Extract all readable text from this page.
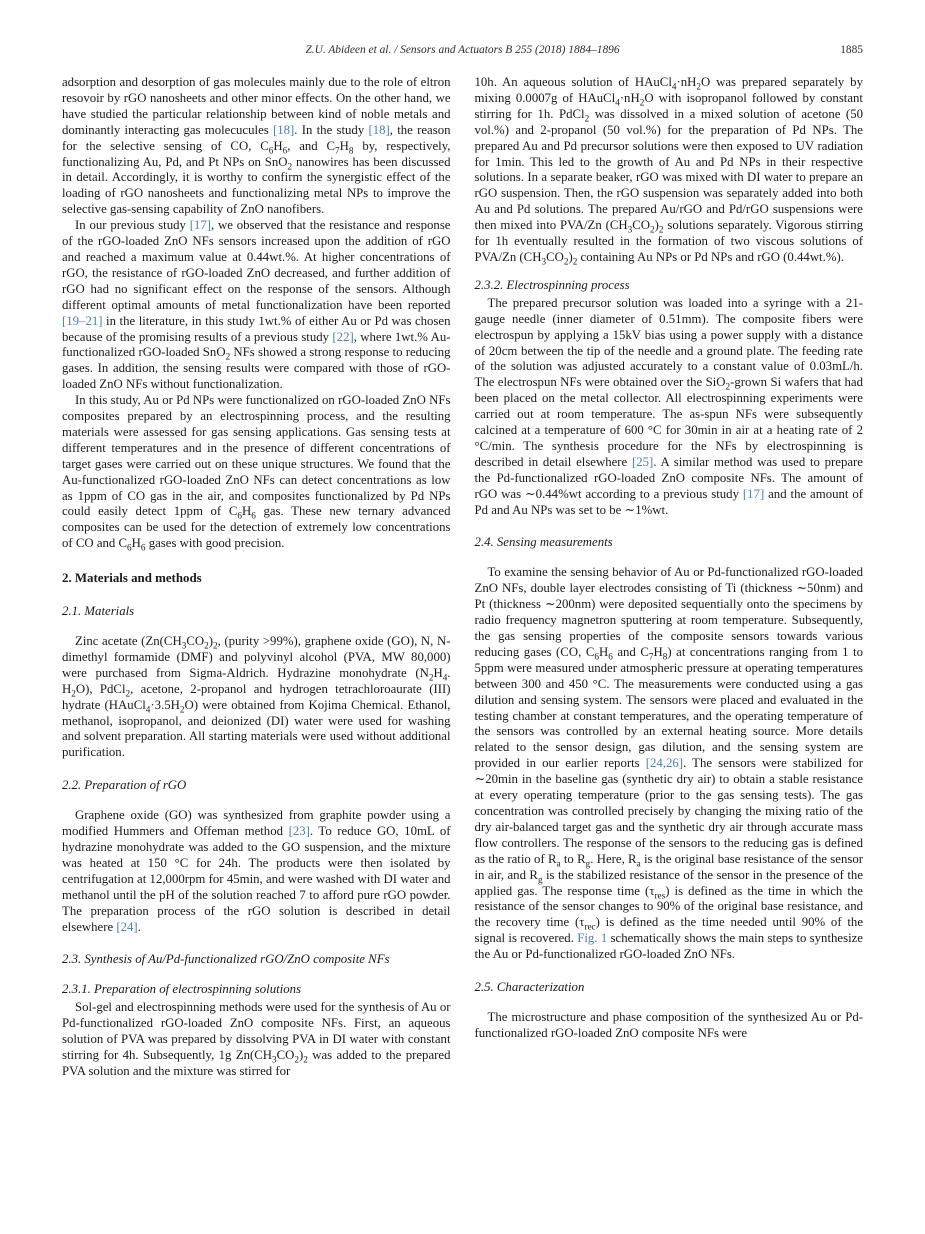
Z.U. Abideen et al. / Sensors and Actuators B 255 (2018) 1884–1896	1885

adsorption and desorption of gas molecules mainly due to the role of eltron resovoir by rGO nanosheets and other minor effects. On the other hand, we have studied the particular relationship between kind of noble metals and dominantly interacting gas molecucules [18]. In the study [18], the reason for the selective sensing of CO, $C_6H_6$, and $C_7H_8$ by, respectively, functionalizing Au, Pd, and Pt NPs on SnO$_2$ nanowires has been discussed in detail. Accordingly, it is worthy to confirm the synergistic effect of the loading of rGO nanosheets and functionalizing metal NPs to improve the selective gas-sensing capability of ZnO nanofibers.

In our previous study [17], we observed that the resistance and response of the rGO-loaded ZnO NFs sensors increased upon the addition of rGO and reached a maximum value at 0.44wt.%. At higher concentrations of rGO, the resistance of rGO-loaded ZnO decreased, and further addition of rGO had no significant effect on the response of the sensors. Although different optimal amounts of metal functionalization have been reported [19–21] in the literature, in this study 1wt.% of either Au or Pd was chosen because of the promising results of a previous study [22], where 1wt.% Au-functionalized rGO-loaded SnO$_2$ NFs showed a strong response to reducing gases. In addition, the sensing results were compared with those of rGO-loaded ZnO NFs without functionalization.

In this study, Au or Pd NPs were functionalized on rGO-loaded ZnO NFs composites prepared by an electrospinning process, and the resulting materials were assessed for gas sensing applications. Gas sensing tests at different temperatures and in the presence of different concentrations of target gases were carried out on these unique structures. We found that the Au-functionalized rGO-loaded ZnO NFs can detect concentrations as low as 1ppm of CO gas in the air, and composites functionalized by Pd NPs could easily detect 1ppm of $C_6H_6$ gas. These new ternary advanced composites can be used for the detection of extremely low concentrations of CO and $C_6H_6$ gases with good precision.

2. Materials and methods
2.1. Materials

Zinc acetate ($Zn(CH_3CO_2)_2$, (purity >99%), graphene oxide (GO), N, N-dimethyl formamide (DMF) and polyvinyl alcohol (PVA, MW 80,000) were purchased from Sigma-Aldrich. Hydrazine monohydrate ($N_2H_4$. $H_2O$), PdCl$_2$, acetone, 2-propanol and hydrogen tetrachloroaurate (III) hydrate $(HAuCl_4\cdot 3.5H_2O)$ were obtained from Kojima Chemical. Ethanol, methanol, isopropanol, and deionized (DI) water were used for washing and solvent preparation. All starting materials were used without additional purification.

2.2. Preparation of rGO

Graphene oxide (GO) was synthesized from graphite powder using a modified Hummers and Offeman method [23]. To reduce GO, 10mL of hydrazine monohydrate was added to the GO suspension, and the mixture was heated at 150 °C for 24h. The products were then isolated by centrifugation at 12,000rpm for 45min, and were washed with DI water and methanol until the pH of the solution reached 7 to afford pure rGO powder. The preparation process of the rGO solution is described in detail elsewhere [24].

2.3. Synthesis of Au/Pd-functionalized rGO/ZnO composite NFs
2.3.1. Preparation of electrospinning solutions

Sol-gel and electrospinning methods were used for the synthesis of Au or Pd-functionalized rGO-loaded ZnO composite NFs. First, an aqueous solution of PVA was prepared by dissolving PVA in DI water with constant stirring for 4h. Subsequently, 1g $Zn(CH_3CO_2)_2$ was added to the prepared PVA solution and the mixture was stirred for

10h. An aqueous solution of $HAuCl_4\cdot nH_2O$ was prepared separately by mixing 0.0007g of $HAuCl_4\cdot nH_2O$ with isopropanol followed by constant stirring for 1h. PdCl$_2$ was dissolved in a mixed solution of acetone (50 vol.%) and 2-propanol (50 vol.%) for the preparation of Pd NPs. The prepared Au and Pd precursor solutions were then exposed to UV radiation for 1min. This led to the growth of Au and Pd NPs in their respective solutions. In a separate beaker, rGO was mixed with DI water to prepare an rGO suspension. Then, the rGO suspension was separately added into both Au and Pd solutions. The prepared Au/rGO and Pd/rGO suspensions were then mixed into PVA/Zn $(CH_3CO_2)_2$ solutions separately. Vigorous stirring for 1h eventually resulted in the formation of two viscous solutions of PVA/Zn $(CH_3CO_2)_2$ containing Au NPs or Pd NPs and rGO (0.44wt.%).

2.3.2. Electrospinning process

The prepared precursor solution was loaded into a syringe with a 21-gauge needle (inner diameter of 0.51mm). The composite fibers were electrospun by applying a 15kV bias using a power supply with a distance of 20cm between the tip of the needle and a ground plate. The feeding rate of the solution was adjusted accurately to a constant value of 0.03mL/h. The electrospun NFs were obtained over the SiO$_2$-grown Si wafers that had been placed on the metal collector. All electrospinning experiments were carried out at room temperature. The as-spun NFs were subsequently calcined at a temperature of 600 °C for 30min in air at a heating rate of 2 °C/min. The synthesis procedure for the NFs by electrospinning is described in detail elsewhere [25]. A similar method was used to prepare the Pd-functionalized rGO-loaded ZnO composite NFs. The amount of rGO was ∼0.44%wt according to a previous study [17] and the amount of Pd and Au NPs was set to be ∼1%wt.

2.4. Sensing measurements

To examine the sensing behavior of Au or Pd-functionalized rGO-loaded ZnO NFs, double layer electrodes consisting of Ti (thickness ∼50nm) and Pt (thickness ∼200nm) were deposited sequentially onto the specimens by radio frequency magnetron sputtering at room temperature. Subsequently, the gas sensing properties of the composite sensors towards various reducing gases (CO, $C_6H_6$ and $C_7H_8$) at concentrations ranging from 1 to 5ppm were measured under atmospheric pressure at operating temperatures between 300 and 450 °C. The measurements were conducted using a gas dilution and sensing system. The sensors were placed and evaluated in the testing chamber at constant temperatures, and the operating temperature of the sensors was controlled by an external heating source. More details related to the sensor design, gas dilution, and the sensing system are provided in our earlier reports [24,26]. The sensors were stabilized for ∼20min in the baseline gas (synthetic dry air) to obtain a stable resistance at every operating temperature (prior to the gas sensing tests). The gas concentration was controlled precisely by changing the mixing ratio of the dry air-balanced target gas and the synthetic dry air through accurate mass flow controllers. The response of the sensors to the reducing gas is defined as the ratio of $R_a$ to $R_g$. Here, $R_a$ is the original base resistance of the sensor in air, and $R_g$ is the stabilized resistance of the sensor in the presence of the applied gas. The response time $(\tau_{res})$ is defined as the time in which the resistance of the sensor changes to 90% of the original base resistance, and the recovery time $(\tau_{rec})$ is defined as the time needed until 90% of the signal is recovered. Fig. 1 schematically shows the main steps to synthesize the Au or Pd-functionalized rGO-loaded ZnO NFs.

2.5. Characterization

The microstructure and phase composition of the synthesized Au or Pd-functionalized rGO-loaded ZnO composite NFs were
